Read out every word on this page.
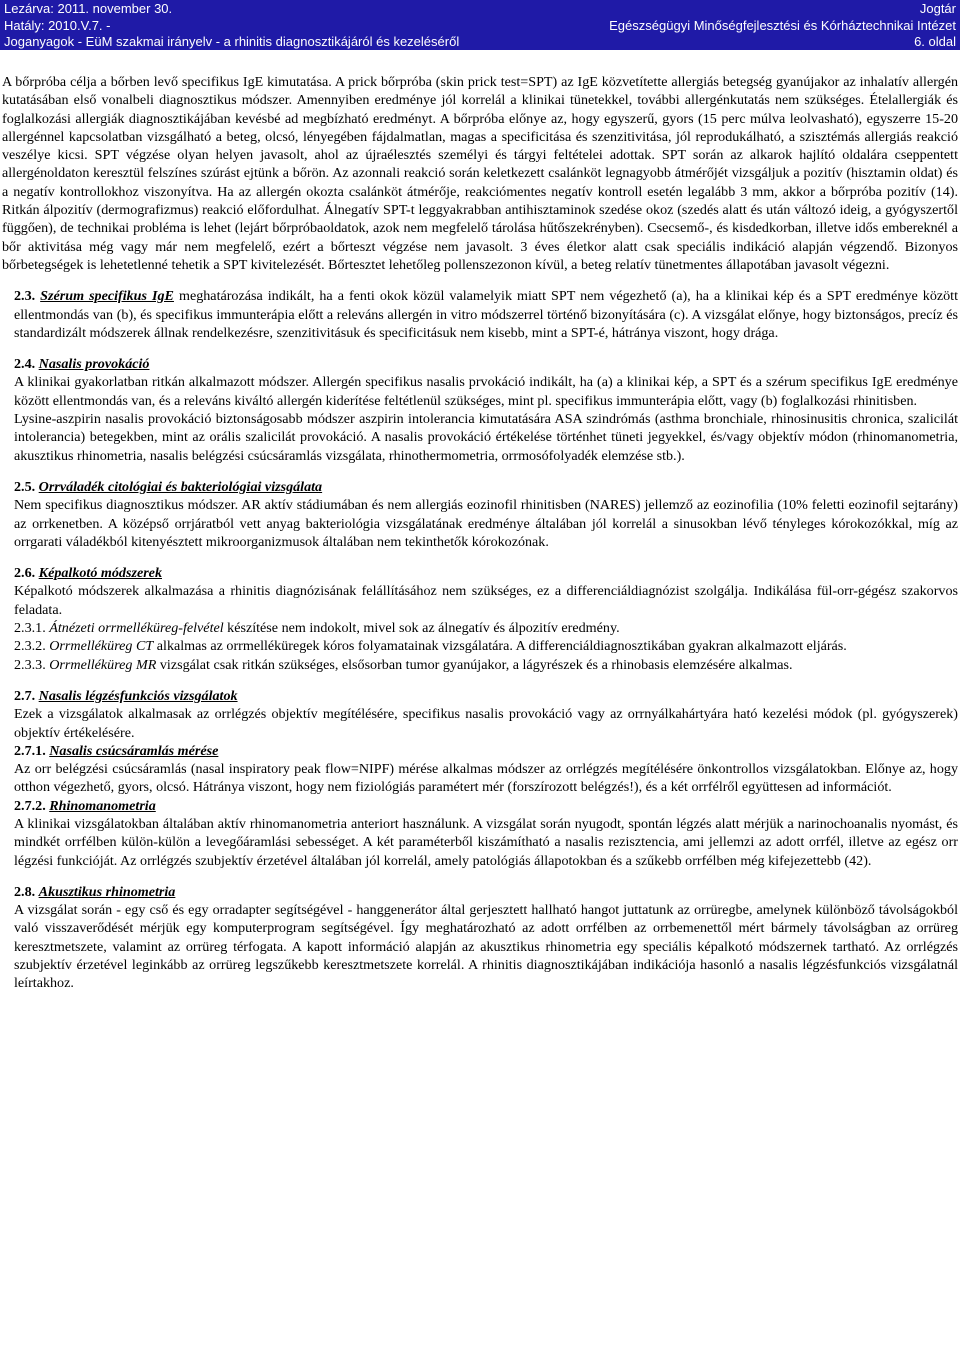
Lezárva: 2011. november 30.	Jogtár
Hatály: 2010.V.7. -	Egészségügyi Minőségfejlesztési és Kórháztechnikai Intézet
Joganyagok - EüM szakmai irányelv - a rhinitis diagnosztikájáról és kezeléséről	6. oldal

A bőrpróba célja a bőrben levő specifikus IgE kimutatása. A prick bőrpróba (skin prick test=SPT) az IgE közvetítette allergiás betegség gyanújakor az inhalatív allergén kutatásában első vonalbeli diagnosztikus módszer. Amennyiben eredménye jól korrelál a klinikai tünetekkel, további allergénkutatás nem szükséges. Ételallergiák és foglalkozási allergiák diagnosztikájában kevésbé ad megbízható eredményt. A bőrpróba előnye az, hogy egyszerű, gyors (15 perc múlva leolvasható), egyszerre 15-20 allergénnel kapcsolatban vizsgálható a beteg, olcsó, lényegében fájdalmatlan, magas a specificitása és szenzitivitása, jól reprodukálható, a szisztémás allergiás reakció veszélye kicsi. SPT végzése olyan helyen javasolt, ahol az újraélesztés személyi és tárgyi feltételei adottak. SPT során az alkarok hajlító oldalára cseppentett allergénoldaton keresztül felszínes szúrást ejtünk a bőrön. Az azonnali reakció során keletkezett csalánköt legnagyobb átmérőjét vizsgáljuk a pozitív (hisztamin oldat) és a negatív kontrollokhoz viszonyítva. Ha az allergén okozta csalánköt átmérője, reakciómentes negatív kontroll esetén legalább 3 mm, akkor a bőrpróba pozitív (14). Ritkán álpozitív (dermografizmus) reakció előfordulhat. Álnegatív SPT-t leggyakrabban antihisztaminok szedése okoz (szedés alatt és után változó ideig, a gyógyszertől függően), de technikai probléma is lehet (lejárt bőrpróbaoldatok, azok nem megfelelő tárolása hűtőszekrényben). Csecsemő-, és kisdedkorban, illetve idős embereknél a bőr aktivitása még vagy már nem megfelelő, ezért a bőrteszt végzése nem javasolt. 3 éves életkor alatt csak speciális indikáció alapján végzendő. Bizonyos bőrbetegségek is lehetetlenné tehetik a SPT kivitelezését. Bőrtesztet lehetőleg pollenszezonon kívül, a beteg relatív tünetmentes állapotában javasolt végezni.

2.3. Szérum specifikus IgE meghatározása indikált, ha a fenti okok közül valamelyik miatt SPT nem végezhető (a), ha a klinikai kép és a SPT eredménye között ellentmondás van (b), és specifikus immunterápia előtt a releváns allergén in vitro módszerrel történő bizonyítására (c). A vizsgálat előnye, hogy biztonságos, precíz és standardizált módszerek állnak rendelkezésre, szenzitivitásuk és specificitásuk nem kisebb, mint a SPT-é, hátránya viszont, hogy drága.

2.4. Nasalis provokáció

A klinikai gyakorlatban ritkán alkalmazott módszer. Allergén specifikus nasalis prvokáció indikált, ha (a) a klinikai kép, a SPT és a szérum specifikus IgE eredménye között ellentmondás van, és a releváns kiváltó allergén kiderítése feltétlenül szükséges, mint pl. specifikus immunterápia előtt, vagy (b) foglalkozási rhinitisben.

Lysine-aszpirin nasalis provokáció biztonságosabb módszer aszpirin intolerancia kimutatására ASA szindrómás (asthma bronchiale, rhinosinusitis chronica, szalicilát intolerancia) betegekben, mint az orális szalicilát provokáció. A nasalis provokáció értékelése történhet tüneti jegyekkel, és/vagy objektív módon (rhinomanometria, akusztikus rhinometria, nasalis belégzési csúcsáramlás vizsgálata, rhinothermometria, orrmosófolyadék elemzése stb.).

2.5. Orrváladék citológiai és bakteriológiai vizsgálata

Nem specifikus diagnosztikus módszer. AR aktív stádiumában és nem allergiás eozinofil rhinitisben (NARES) jellemző az eozinofilia (10% feletti eozinofil sejtarány) az orrkenetben. A középső orrjáratból vett anyag bakteriológia vizsgálatának eredménye általában jól korrelál a sinusokban lévő tényleges kórokozókkal, míg az orrgarati váladékból kitenyésztett mikroorganizmusok általában nem tekinthetők kórokozónak.

2.6. Képalkotó módszerek

Képalkotó módszerek alkalmazása a rhinitis diagnózisának felállításához nem szükséges, ez a differenciáldiagnózist szolgálja. Indikálása fül-orr-gégész szakorvos feladata.

2.3.1. Átnézeti orrmelléküreg-felvétel készítése nem indokolt, mivel sok az álnegatív és álpozitív eredmény.

2.3.2. Orrmelléküreg CT alkalmas az orrmelléküregek kóros folyamatainak vizsgálatára. A differenciáldiagnosztikában gyakran alkalmazott eljárás.

2.3.3. Orrmelléküreg MR vizsgálat csak ritkán szükséges, elsősorban tumor gyanújakor, a lágyrészek és a rhinobasis elemzésére alkalmas.

2.7. Nasalis légzésfunkciós vizsgálatok

Ezek a vizsgálatok alkalmasak az orrlégzés objektív megítélésére, specifikus nasalis provokáció vagy az orrnyálkahártyára ható kezelési módok (pl. gyógyszerek) objektív értékelésére.

2.7.1. Nasalis csúcsáramlás mérése

Az orr belégzési csúcsáramlás (nasal inspiratory peak flow=NIPF) mérése alkalmas módszer az orrlégzés megítélésére önkontrollos vizsgálatokban. Előnye az, hogy otthon végezhető, gyors, olcsó. Hátránya viszont, hogy nem fiziológiás paramétert mér (forszírozott belégzés!), és a két orrfélről együttesen ad információt.

2.7.2. Rhinomanometria

A klinikai vizsgálatokban általában aktív rhinomanometria anteriort használunk. A vizsgálat során nyugodt, spontán légzés alatt mérjük a narinochoanalis nyomást, és mindkét orrfélben külön-külön a levegőáramlási sebességet. A két paraméterből kiszámítható a nasalis rezisztencia, ami jellemzi az adott orrfél, illetve az egész orr légzési funkcióját. Az orrlégzés szubjektív érzetével általában jól korrelál, amely patológiás állapotokban és a szűkebb orrfélben még kifejezettebb (42).

2.8. Akusztikus rhinometria

A vizsgálat során - egy cső és egy orradapter segítségével - hanggenerátor által gerjesztett hallható hangot juttatunk az orrüregbe, amelynek különböző távolságokból való visszaverődését mérjük egy komputerprogram segítségével. Így meghatározható az adott orrfélben az orrbemenettől mért bármely távolságban az orrüreg keresztmetszete, valamint az orrüreg térfogata. A kapott információ alapján az akusztikus rhinometria egy speciális képalkotó módszernek tartható. Az orrlégzés szubjektív érzetével leginkább az orrüreg legszűkebb keresztmetszete korrelál. A rhinitis diagnosztikájában indikációja hasonló a nasalis légzésfunkciós vizsgálatnál leírtakhoz.
